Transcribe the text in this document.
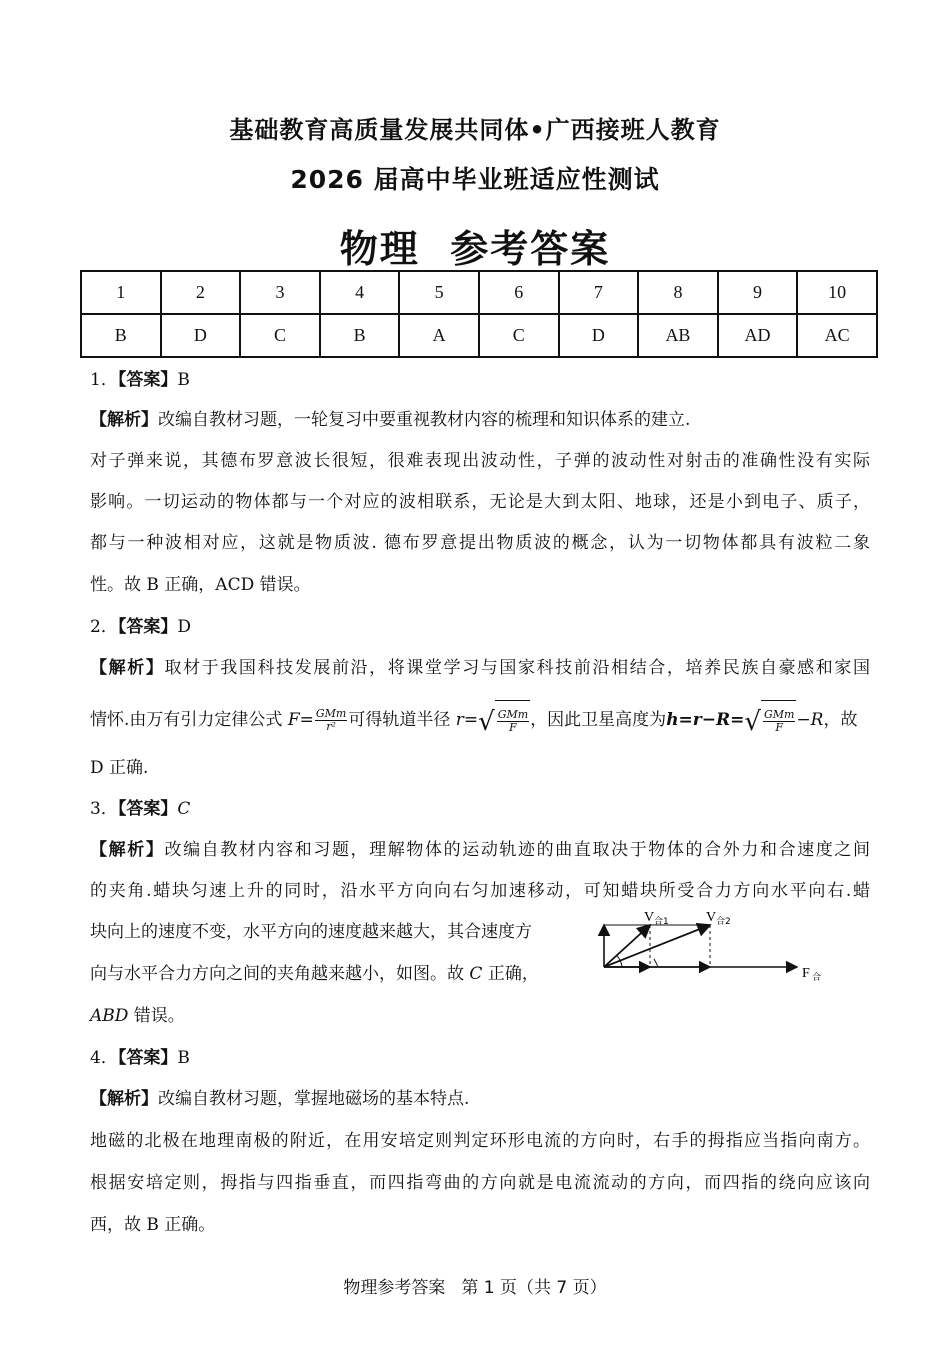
基础教育高质量发展共同体•广西接班人教育
2026 届高中毕业班适应性测试
物理  参考答案
1	2	3	4	5	6	7	8	9	10
B	D	C	B	A	C	D	AB	AD	AC
1．【答案】B
【解析】改编自教材习题，一轮复习中要重视教材内容的梳理和知识体系的建立.
对子弹来说，其德布罗意波长很短，很难表现出波动性，子弹的波动性对射击的准确性没有实际
影响。一切运动的物体都与一个对应的波相联系，无论是大到太阳、地球，还是小到电子、质子，
都与一种波相对应，这就是物质波. 德布罗意提出物质波的概念，认为一切物体都具有波粒二象
性。故 B 正确，ACD 错误。
2．【答案】D
【解析】取材于我国科技发展前沿，将课堂学习与国家科技前沿相结合，培养民族自豪感和家国
情怀.由万有引力定律公式 $F= \frac{\text{GMm}}{\text{r²}}$ 可得轨道半径 $r=√ \frac{\text{GMm}}{F}$ ，因此卫星高度为$h=r-R=√ \frac{\text{GMm}}{F} -R$，故
D 正确.
3．【答案】C
【解析】改编自教材内容和习题，理解物体的运动轨迹的曲直取决于物体的合外力和合速度之间
的夹角.蜡块匀速上升的同时，沿水平方向向右匀加速移动，可知蜡块所受合力方向水平向右.蜡
块向上的速度不变，水平方向的速度越来越大，其合速度方
向与水平合力方向之间的夹角越来越小，如图。故 C 正确，
ABD 错误。
V 合1	V 合2
F 合
4．【答案】B
【解析】改编自教材习题，掌握地磁场的基本特点.
地磁的北极在地理南极的附近，在用安培定则判定环形电流的方向时，右手的拇指应当指向南方。
根据安培定则，拇指与四指垂直，而四指弯曲的方向就是电流流动的方向，而四指的绕向应该向
西，故 B 正确。
物理参考答案 第 1 页（共 7 页）
